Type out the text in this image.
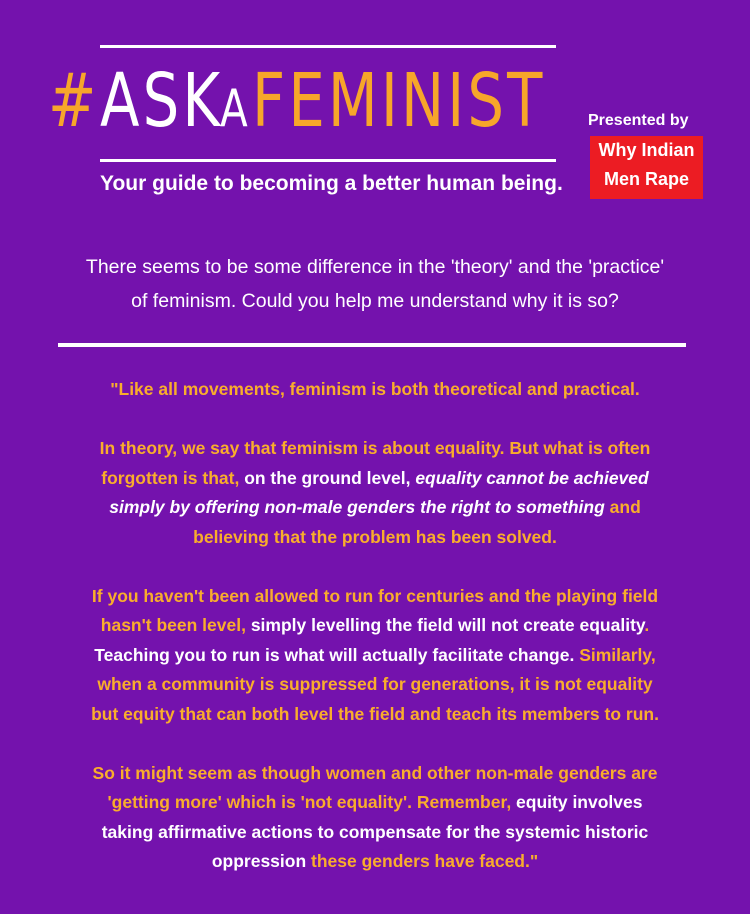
#ASKAFEMINIST
Your guide to becoming a better human being.
Presented by
Why Indian
Men Rape
There seems to be some difference in the 'theory' and the 'practice'
of feminism. Could you help me understand why it is so?

"Like all movements, feminism is both theoretical and practical.

In theory, we say that feminism is about equality. But what is often
forgotten is that, on the ground level, equality cannot be achieved
simply by offering non-male genders the right to something and
believing that the problem has been solved.

If you haven't been allowed to run for centuries and the playing field
hasn't been level, simply levelling the field will not create equality.
Teaching you to run is what will actually facilitate change. Similarly,
when a community is suppressed for generations, it is not equality
but equity that can both level the field and teach its members to run.

So it might seem as though women and other non-male genders are
'getting more' which is 'not equality'. Remember, equity involves
taking affirmative actions to compensate for the systemic historic
oppression these genders have faced."
